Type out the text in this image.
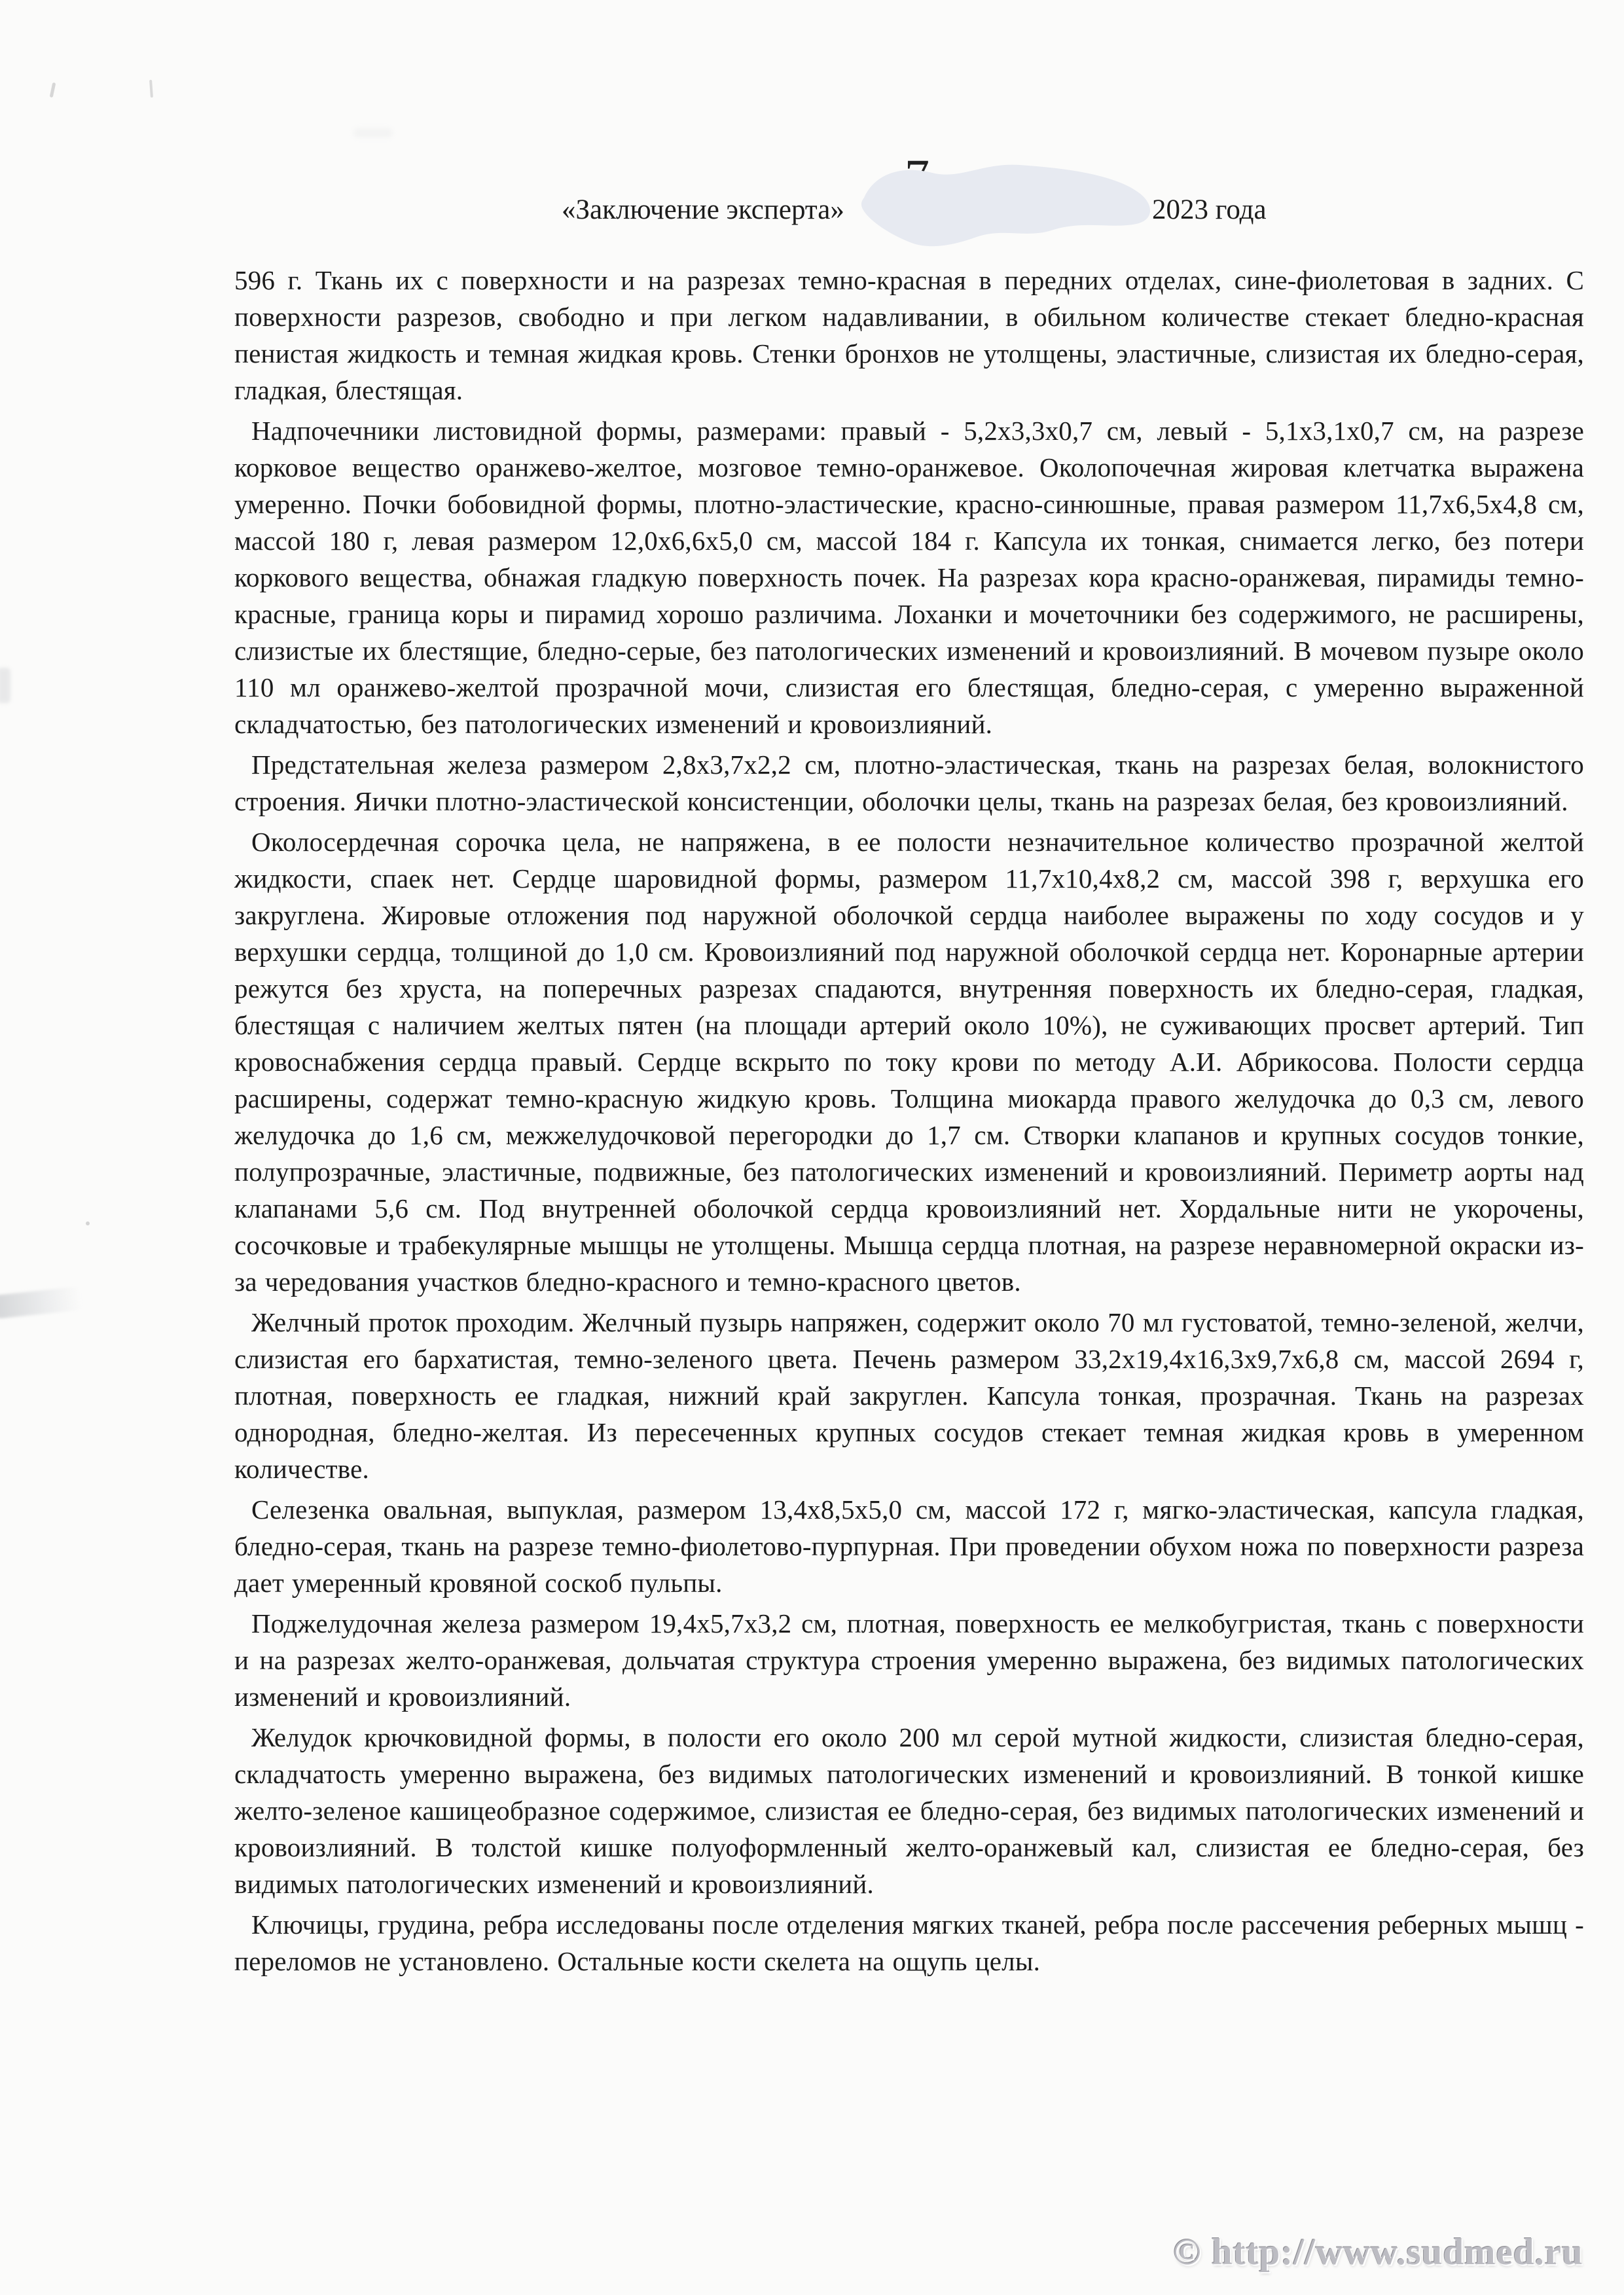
«Заключение эксперта»	2023 года

596 г. Ткань их с поверхности и на разрезах темно-красная в передних отделах, сине-фиолетовая в задних. С поверхности разрезов, свободно и при легком надавливании, в обильном количестве стекает бледно-красная пенистая жидкость и темная жидкая кровь. Стенки бронхов не утолщены, эластичные, слизистая их бледно-серая, гладкая, блестящая.

Надпочечники листовидной формы, размерами: правый - 5,2х3,3х0,7 см, левый - 5,1х3,1х0,7 см, на разрезе корковое вещество оранжево-желтое, мозговое темно-оранжевое. Околопочечная жировая клетчатка выражена умеренно. Почки бобовидной формы, плотно-эластические, красно-синюшные, правая размером 11,7х6,5х4,8 см, массой 180 г, левая размером 12,0х6,6х5,0 см, массой 184 г. Капсула их тонкая, снимается легко, без потери коркового вещества, обнажая гладкую поверхность почек. На разрезах кора красно-оранжевая, пирамиды темно-красные, граница коры и пирамид хорошо различима. Лоханки и мочеточники без содержимого, не расширены, слизистые их блестящие, бледно-серые, без патологических изменений и кровоизлияний. В мочевом пузыре около 110 мл оранжево-желтой прозрачной мочи, слизистая его блестящая, бледно-серая, с умеренно выраженной складчатостью, без патологических изменений и кровоизлияний.

Предстательная железа размером 2,8х3,7х2,2 см, плотно-эластическая, ткань на разрезах белая, волокнистого строения. Яички плотно-эластической консистенции, оболочки целы, ткань на разрезах белая, без кровоизлияний.

Околосердечная сорочка цела, не напряжена, в ее полости незначительное количество прозрачной желтой жидкости, спаек нет. Сердце шаровидной формы, размером 11,7х10,4х8,2 см, массой 398 г, верхушка его закруглена. Жировые отложения под наружной оболочкой сердца наиболее выражены по ходу сосудов и у верхушки сердца, толщиной до 1,0 см. Кровоизлияний под наружной оболочкой сердца нет. Коронарные артерии режутся без хруста, на поперечных разрезах спадаются, внутренняя поверхность их бледно-серая, гладкая, блестящая с наличием желтых пятен (на площади артерий около 10%), не суживающих просвет артерий. Тип кровоснабжения сердца правый. Сердце вскрыто по току крови по методу А.И. Абрикосова. Полости сердца расширены, содержат темно-красную жидкую кровь. Толщина миокарда правого желудочка до 0,3 см, левого желудочка до 1,6 см, межжелудочковой перегородки до 1,7 см. Створки клапанов и крупных сосудов тонкие, полупрозрачные, эластичные, подвижные, без патологических изменений и кровоизлияний. Периметр аорты над клапанами 5,6 см. Под внутренней оболочкой сердца кровоизлияний нет. Хордальные нити не укорочены, сосочковые и трабекулярные мышцы не утолщены. Мышца сердца плотная, на разрезе неравномерной окраски из-за чередования участков бледно-красного и темно-красного цветов.

Желчный проток проходим. Желчный пузырь напряжен, содержит около 70 мл густоватой, темно-зеленой, желчи, слизистая его бархатистая, темно-зеленого цвета. Печень размером 33,2х19,4х16,3х9,7х6,8 см, массой 2694 г, плотная, поверхность ее гладкая, нижний край закруглен. Капсула тонкая, прозрачная. Ткань на разрезах однородная, бледно-желтая. Из пересеченных крупных сосудов стекает темная жидкая кровь в умеренном количестве.

Селезенка овальная, выпуклая, размером 13,4х8,5х5,0 см, массой 172 г, мягко-эластическая, капсула гладкая, бледно-серая, ткань на разрезе темно-фиолетово-пурпурная. При проведении обухом ножа по поверхности разреза дает умеренный кровяной соскоб пульпы.

Поджелудочная железа размером 19,4х5,7х3,2 см, плотная, поверхность ее мелкобугристая, ткань с поверхности и на разрезах желто-оранжевая, дольчатая структура строения умеренно выражена, без видимых патологических изменений и кровоизлияний.

Желудок крючковидной формы, в полости его около 200 мл серой мутной жидкости, слизистая бледно-серая, складчатость умеренно выражена, без видимых патологических изменений и кровоизлияний. В тонкой кишке желто-зеленое кашицеобразное содержимое, слизистая ее бледно-серая, без видимых патологических изменений и кровоизлияний. В толстой кишке полуоформленный желто-оранжевый кал, слизистая ее бледно-серая, без видимых патологических изменений и кровоизлияний.

Ключицы, грудина, ребра исследованы после отделения мягких тканей, ребра после рассечения реберных мышц - переломов не установлено. Остальные кости скелета на ощупь целы.

© http://www.sudmed.ru
